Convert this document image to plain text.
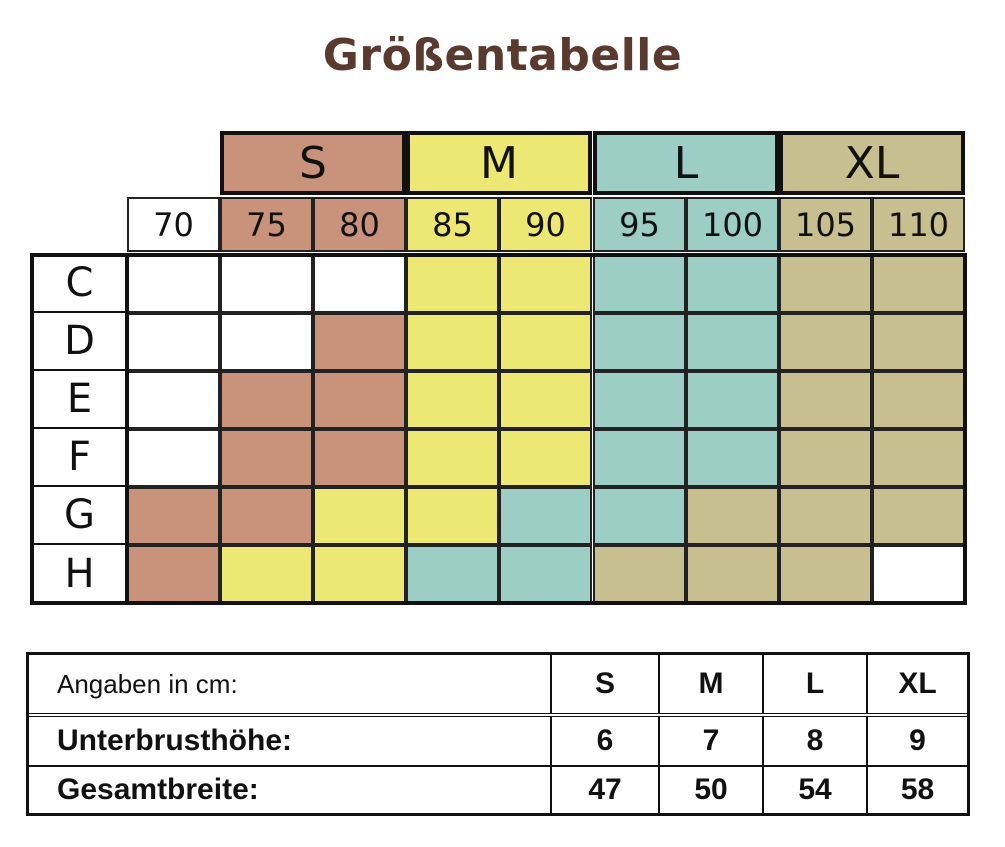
Größentabelle
S	M	L	XL
70	75	80	85	90	95	100 105 110
C
D
E
F
G
H
Angaben in cm:	S	M	L	XL
Unterbrusthöhe:	6	7	8	9
Gesamtbreite:	47	50	54	58
